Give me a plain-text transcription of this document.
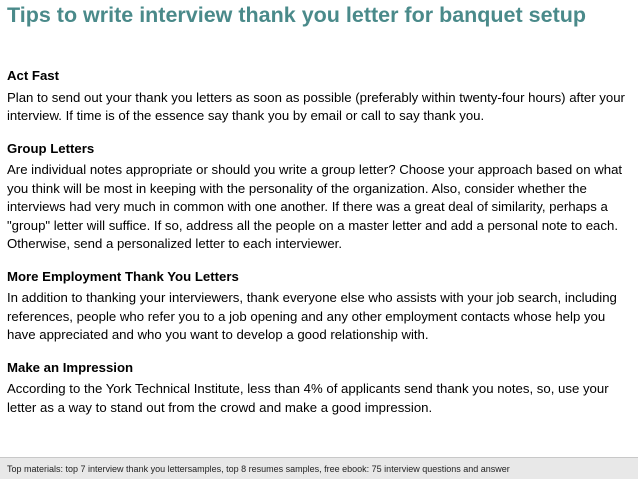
Tips to write interview thank you letter for banquet setup

Act Fast

Plan to send out your thank you letters as soon as possible (preferably within twenty-four hours) after your interview. If time is of the essence say thank you by email or call to say thank you.

Group Letters

Are individual notes appropriate or should you write a group letter? Choose your approach based on what you think will be most in keeping with the personality of the organization. Also, consider whether the interviews had very much in common with one another. If there was a great deal of similarity, perhaps a "group" letter will suffice. If so, address all the people on a master letter and add a personal note to each. Otherwise, send a personalized letter to each interviewer.

More Employment Thank You Letters

In addition to thanking your interviewers, thank everyone else who assists with your job search, including references, people who refer you to a job opening and any other employment contacts whose help you have appreciated and who you want to develop a good relationship with.

Make an Impression

According to the York Technical Institute, less than 4% of applicants send thank you notes, so, use your letter as a way to stand out from the crowd and make a good impression.

Top materials: top 7 interview thank you lettersamples, top 8 resumes samples, free ebook: 75 interview questions and answer
